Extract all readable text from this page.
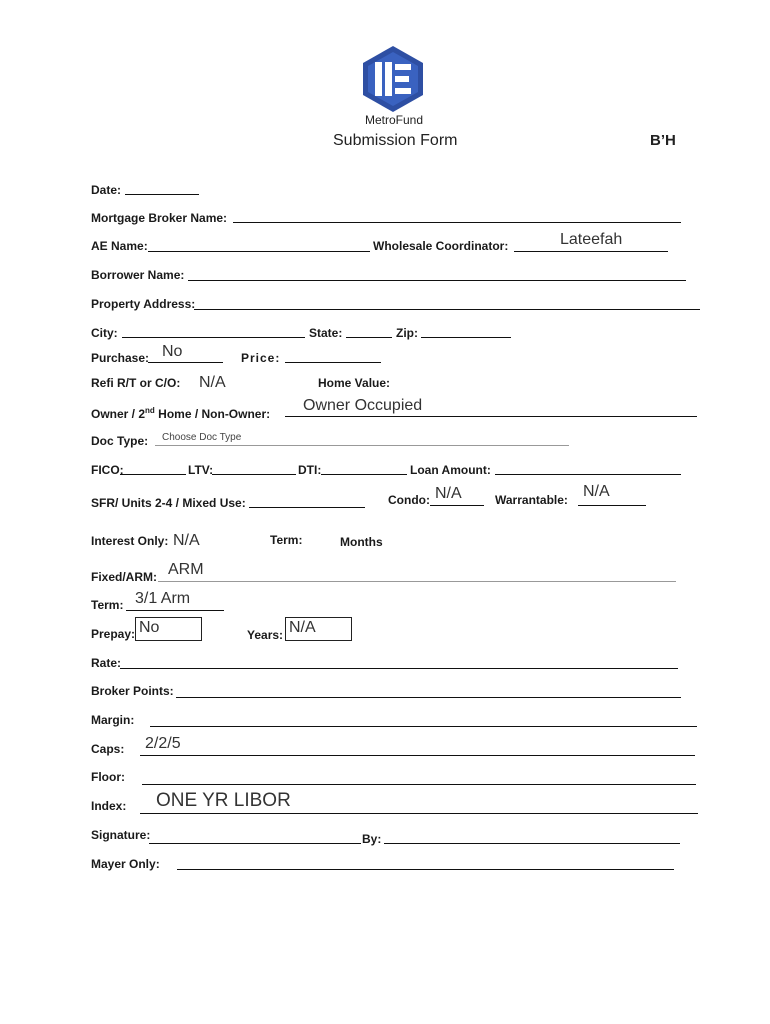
MetroFund
Submission Form	B’H
Date:
Mortgage Broker Name:
AE Name:	Wholesale Coordinator:	Lateefah
Borrower Name:
Property Address:
City:	State:	Zip:
Purchase: No	Price:
Refi R/T or C/O: N/A	Home Value:
Owner / 2nd Home / Non-Owner: Owner Occupied
Doc Type: Choose Doc Type
FICO:	LTV:	DTI:	Loan Amount:
SFR/ Units 2-4 / Mixed Use:	Condo: N/A	Warrantable: N/A
Interest Only: N/A	Term:	Months
Fixed/ARM: ARM
Term: 3/1 Arm
Prepay: No	Years: N/A
Rate:
Broker Points:
Margin:
Caps: 2/2/5
Floor:
Index: ONE YR LIBOR
Signature:	By:
Mayer Only:
